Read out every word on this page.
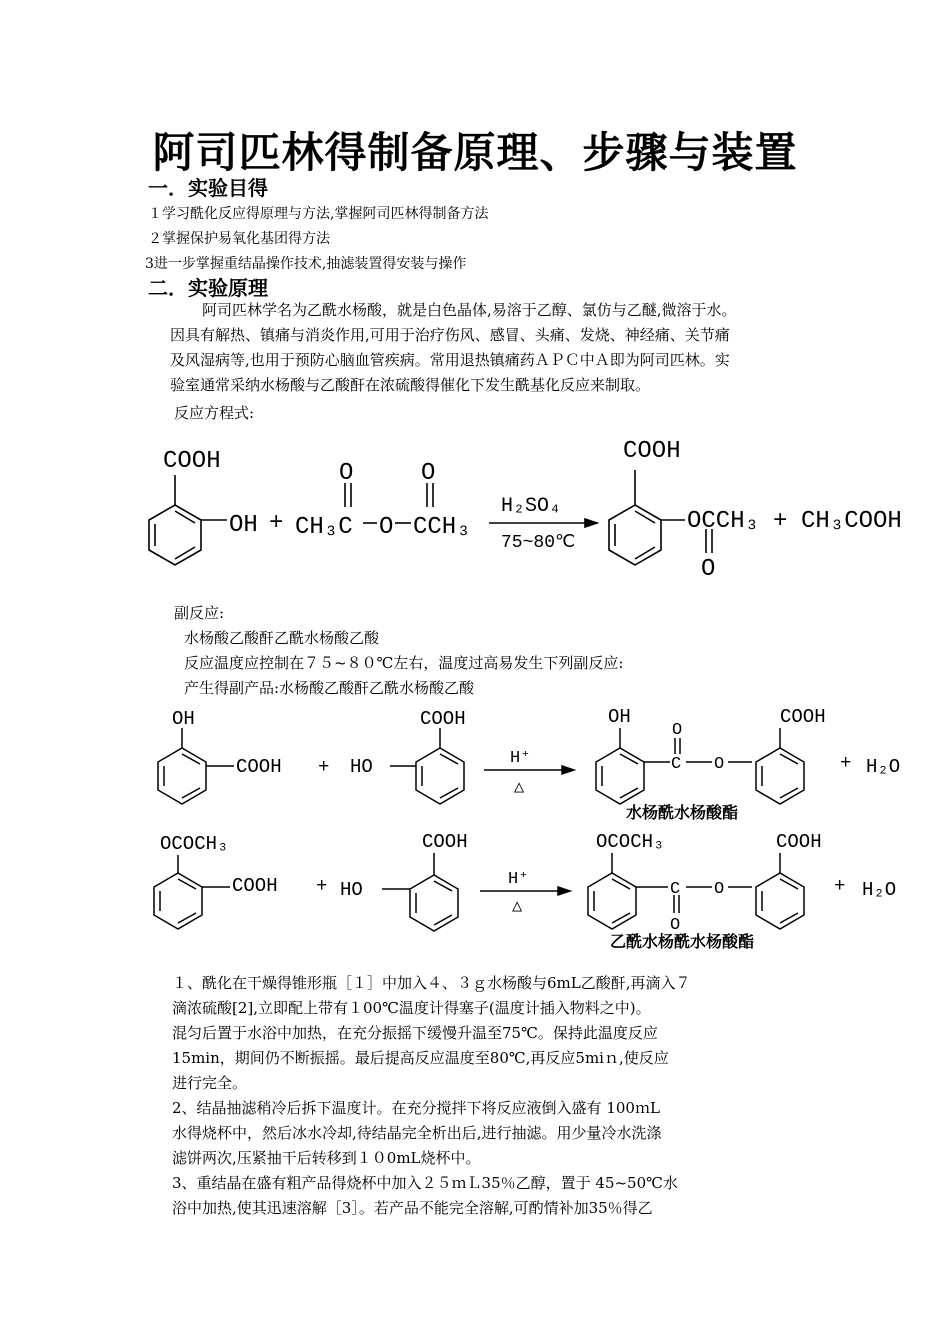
阿司匹林得制备原理、步骤与装置
一．实验目得
１学习酰化反应得原理与方法,掌握阿司匹林得制备方法
２掌握保护易氧化基团得方法
3进一步掌握重结晶操作技术,抽滤装置得安装与操作
二．实验原理

阿司匹林学名为乙酰水杨酸，就是白色晶体,易溶于乙醇、氯仿与乙醚,微溶于水。

因具有解热、镇痛与消炎作用,可用于治疗伤风、感冒、头痛、发烧、神经痛、关节痛

及风湿病等,也用于预防心脑血管疾病。常用退热镇痛药ＡＰＣ中Ａ即为阿司匹林。实

验室通常采纳水杨酸与乙酸酐在浓硫酸得催化下发生酰基化反应来制取。

反应方程式:
COOH
OH +
O
CH₃C O
O
CCH₃
H₂SO₄
75~80℃
COOH
OCCH₃
O
+ CH₃COOH
副反应:
水杨酸乙酸酐乙酰水杨酸乙酸
反应温度应控制在７５~８０℃左右，温度过高易发生下列副反应:
产生得副产品:水杨酸乙酸酐乙酰水杨酸乙酸
OH
COOH + HO
COOH
H⁺
△
OH
O
C O
COOH
+ H₂O
水杨酰水杨酸酯
OCOCH₃
COOH + HO
COOH
H⁺
△
OCOCH₃
C
O
O
COOH
+ H₂O
乙酰水杨酰水杨酸酯

１、酰化在干燥得锥形瓶［１］中加入４、３ｇ水杨酸与6mL乙酸酐,再滴入７

滴浓硫酸[2],立即配上带有１00℃温度计得塞子(温度计插入物料之中)。

混匀后置于水浴中加热，在充分振摇下缓慢升温至75℃。保持此温度反应

15min，期间仍不断振摇。最后提高反应温度至80℃,再反应5miｎ,使反应

进行完全。

2、结晶抽滤稍冷后拆下温度计。在充分搅拌下将反应液倒入盛有 100ｍL

水得烧杯中，然后冰水冷却,待结晶完全析出后,进行抽滤。用少量冷水洗涤

滤饼两次,压紧抽干后转移到１０0mL烧杯中。

3、重结晶在盛有粗产品得烧杯中加入２５ｍＬ35％乙醇，置于 45~50℃水

浴中加热,使其迅速溶解［3］。若产品不能完全溶解,可酌情补加35％得乙
